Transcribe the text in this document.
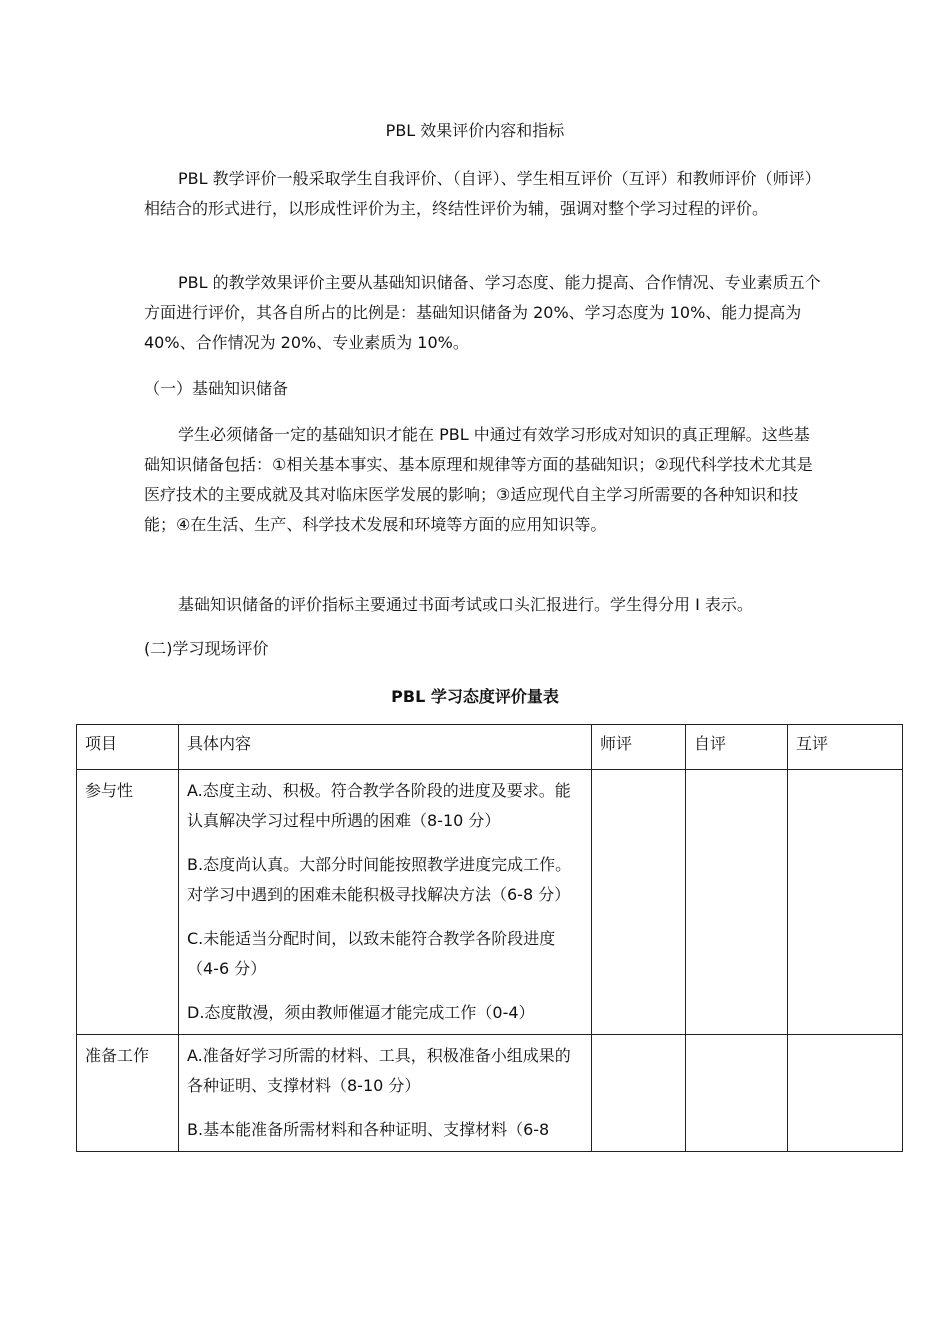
PBL 效果评价内容和指标
PBL 教学评价一般采取学生自我评价、（自评）、学生相互评价（互评）和教师评价（师评）相结合的形式进行，以形成性评价为主，终结性评价为辅，强调对整个学习过程的评价。
PBL 的教学效果评价主要从基础知识储备、学习态度、能力提高、合作情况、专业素质五个方面进行评价，其各自所占的比例是：基础知识储备为 20%、学习态度为 10%、能力提高为 40%、合作情况为 20%、专业素质为 10%。
（一）基础知识储备
学生必须储备一定的基础知识才能在 PBL 中通过有效学习形成对知识的真正理解。这些基础知识储备包括：①相关基本事实、基本原理和规律等方面的基础知识；②现代科学技术尤其是医疗技术的主要成就及其对临床医学发展的影响；③适应现代自主学习所需要的各种知识和技能；④在生活、生产、科学技术发展和环境等方面的应用知识等。
基础知识储备的评价指标主要通过书面考试或口头汇报进行。学生得分用 I 表示。
(二)学习现场评价
PBL 学习态度评价量表
项目	具体内容	师评	自评	互评
参与性	A.态度主动、积极。符合教学各阶段的进度及要求。能认真解决学习过程中所遇的困难（8-10 分）
B.态度尚认真。大部分时间能按照教学进度完成工作。对学习中遇到的困难未能积极寻找解决方法（6-8 分）
C.未能适当分配时间，以致未能符合教学各阶段进度（4-6 分）
D.态度散漫，须由教师催逼才能完成工作（0-4）			

准备工作	A.准备好学习所需的材料、工具，积极准备小组成果的各种证明、支撑材料（8-10 分）
B.基本能准备所需材料和各种证明、支撑材料（6-8			
